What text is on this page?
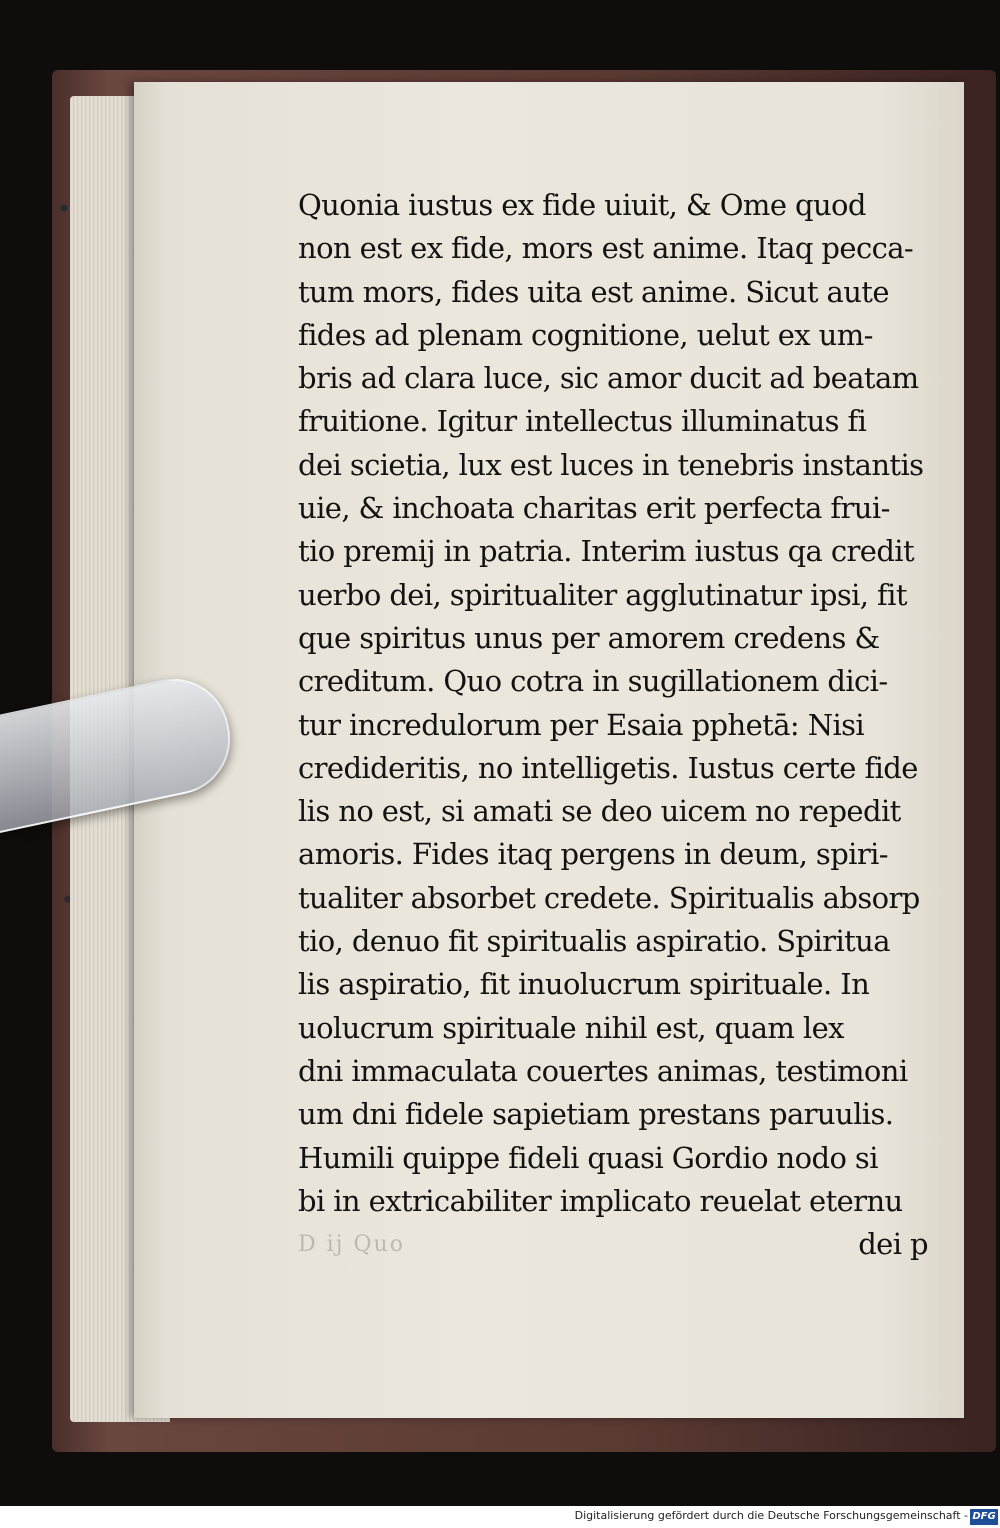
Quonia iustus ex fide uiuit, & Ome quod
non est ex fide, mors est anime. Itaq pecca-
tum mors, fides uita est anime. Sicut aute
fides ad plenam cognitione, uelut ex um-
bris ad clara luce, sic amor ducit ad beatam
fruitione. Igitur intellectus illuminatus fi
dei scietia, lux est luces in tenebris instantis
uie, & inchoata charitas erit perfecta frui-
tio premij in patria. Interim iustus qa credit
uerbo dei, spiritualiter agglutinatur ipsi, fit
que spiritus unus per amorem credens &
creditum. Quo cotra in sugillationem dici-
tur incredulorum per Esaia pphetā: Nisi
credideritis, no intelligetis. Iustus certe fide
lis no est, si amati se deo uicem no repedit
amoris. Fides itaq pergens in deum, spiri-
tualiter absorbet credete. Spiritualis absorp
tio, denuo fit spiritualis aspiratio. Spiritua
lis aspiratio, fit inuolucrum spirituale. In
uolucrum spirituale nihil est, quam lex
dni immaculata couertes animas, testimoni
um dni fidele sapietiam prestans paruulis.
Humili quippe fideli quasi Gordio nodo si
bi in extricabiliter implicato reuelat eternu
dei p
D ij Quo
Digitalisierung gefördert durch die Deutsche Forschungsgemeinschaft - DFG
